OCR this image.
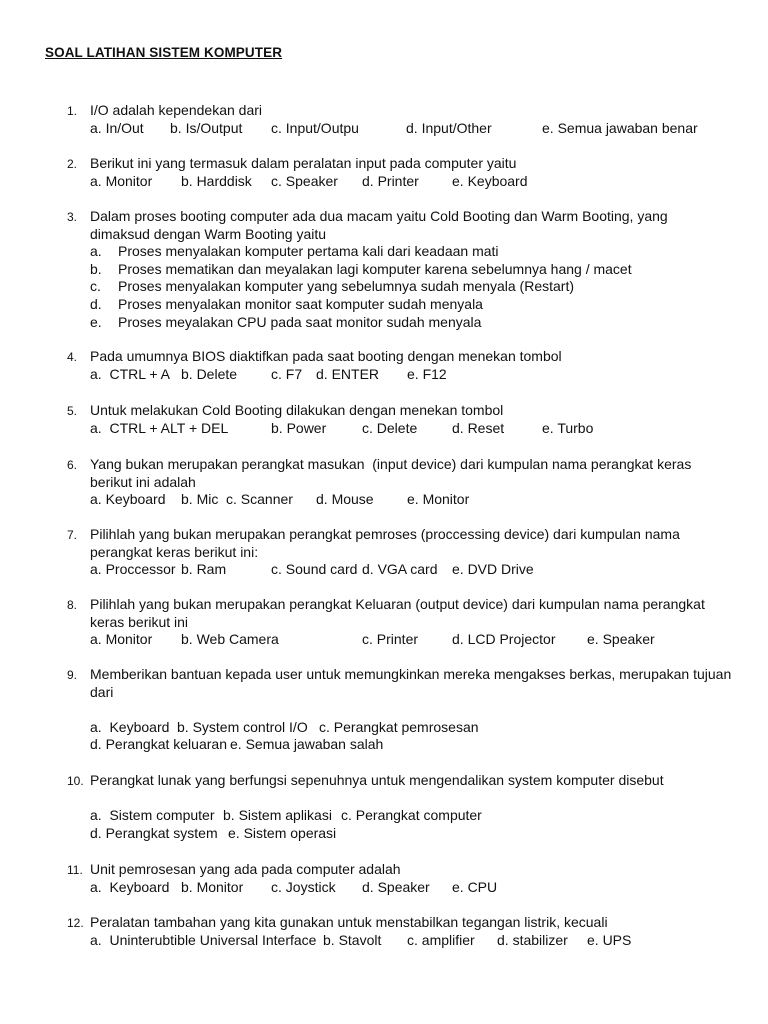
SOAL LATIHAN SISTEM KOMPUTER
1. I/O adalah kependekan dari
a. In/Out b. Is/Output c. Input/Outpu	d. Input/Other	e. Semua jawaban benar
2. Berikut ini yang termasuk dalam peralatan input pada computer yaitu
a. Monitor b. Harddisk c. Speaker d. Printer e. Keyboard
3. Dalam proses booting computer ada dua macam yaitu Cold Booting dan Warm Booting, yang
dimaksud dengan Warm Booting yaitu
a. Proses menyalakan komputer pertama kali dari keadaan mati
b. Proses mematikan dan meyalakan lagi komputer karena sebelumnya hang / macet
c. Proses menyalakan komputer yang sebelumnya sudah menyala (Restart)
d. Proses menyalakan monitor saat komputer sudah menyala
e. Proses meyalakan CPU pada saat monitor sudah menyala
4. Pada umumnya BIOS diaktifkan pada saat booting dengan menekan tombol
a.  CTRL + A b. Delete c. F7 d. ENTER e. F12
5. Untuk melakukan Cold Booting dilakukan dengan menekan tombol
a.  CTRL + ALT + DEL	b. Power	c. Delete d. Reset	e. Turbo
6. Yang bukan merupakan perangkat masukan  (input device) dari kumpulan nama perangkat keras
berikut ini adalah
a. Keyboard b. Mic c. Scanner d. Mouse e. Monitor
7. Pilihlah yang bukan merupakan perangkat pemroses (proccessing device) dari kumpulan nama
perangkat keras berikut ini:
a. Proccessor b. Ram	c. Sound card d. VGA card e. DVD Drive
8. Pilihlah yang bukan merupakan perangkat Keluaran (output device) dari kumpulan nama perangkat
keras berikut ini
a. Monitor b. Web Camera	c. Printer d. LCD Projector e. Speaker
9. Memberikan bantuan kepada user untuk memungkinkan mereka mengakses berkas, merupakan tujuan
dari
a.  Keyboard b. System control I/O c. Perangkat pemrosesan
d. Perangkat keluaran e. Semua jawaban salah
10. Perangkat lunak yang berfungsi sepenuhnya untuk mengendalikan system komputer disebut
a.  Sistem computer b. Sistem aplikasi c. Perangkat computer
d. Perangkat system e. Sistem operasi
11. Unit pemrosesan yang ada pada computer adalah
a.  Keyboard b. Monitor c. Joystick d. Speaker e. CPU
12. Peralatan tambahan yang kita gunakan untuk menstabilkan tegangan listrik, kecuali
a.  Uninterubtible Universal Interface b. Stavolt c. amplifier d. stabilizer e. UPS
